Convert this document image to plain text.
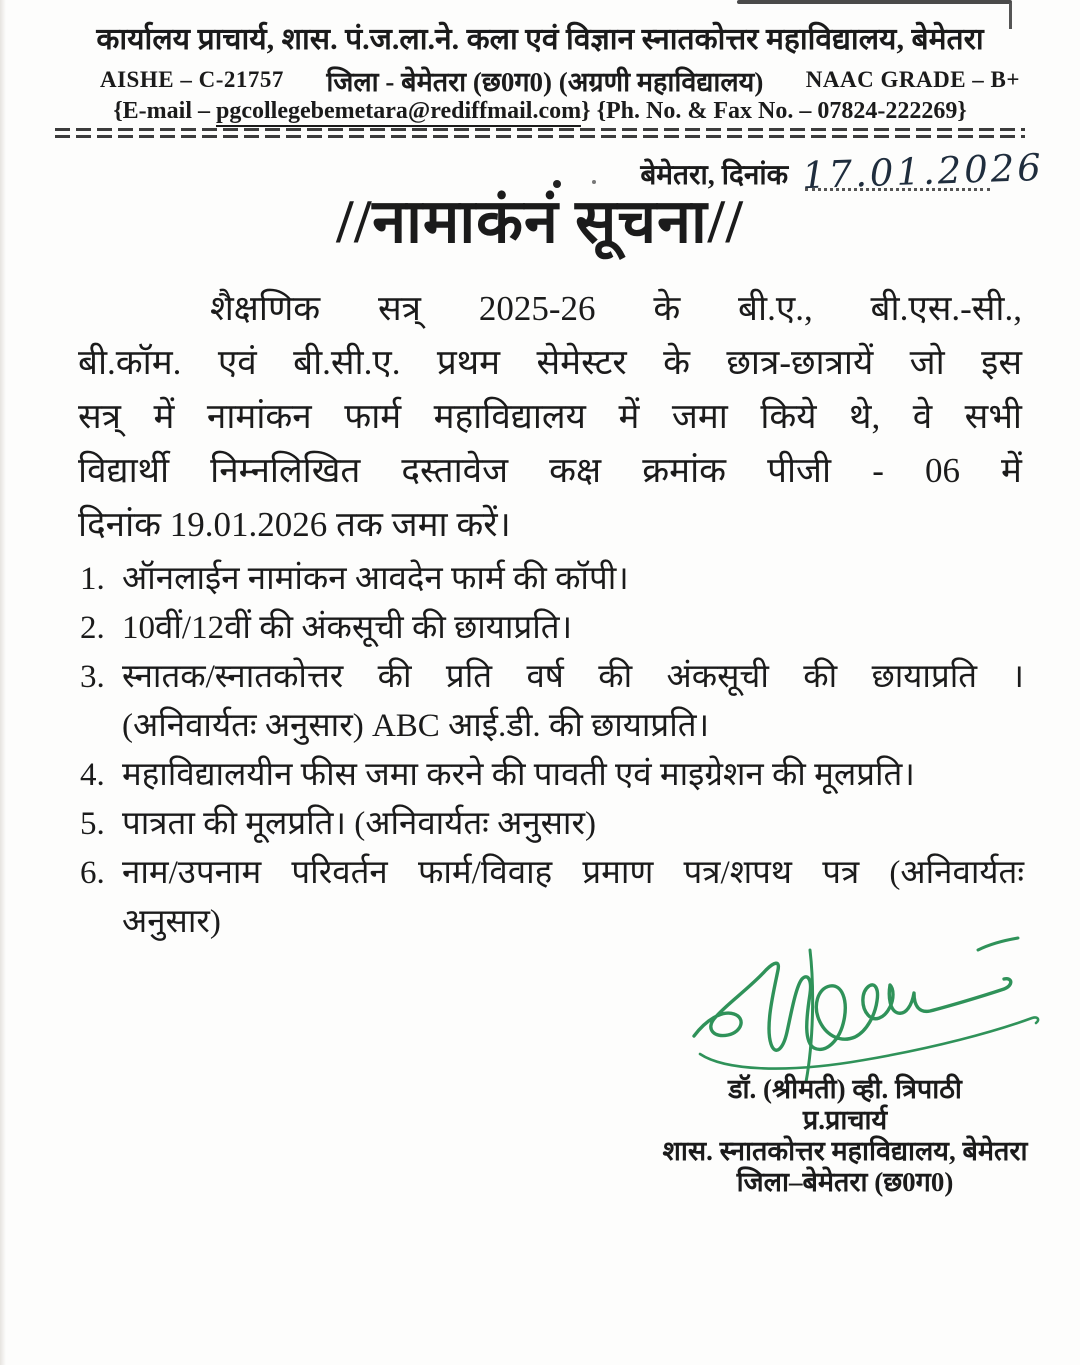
कार्यालय प्राचार्य, शास. पं.ज.ला.ने. कला एवं विज्ञान स्नातकोत्तर महाविद्यालय, बेमेतरा
AISHE – C-21757 जिला - बेमेतरा (छ0ग0) (अग्रणी महाविद्यालय) NAAC GRADE – B+
{E-mail – pgcollegebemetara@rediffmail.com} {Ph. No. & Fax No. – 07824-222269}
बेमेतरा, दिनांक 17.01.2026
//नामाकंनं सूचना//
शैक्षणिक सत्र् 2025-26 के बी.ए., बी.एस.-सी.,
बी.कॉम. एवं बी.सी.ए. प्रथम सेमेस्टर के छात्र-छात्रायें जो इस
सत्र् में नामांकन फार्म महाविद्यालय में जमा किये थे, वे सभी
विद्यार्थी निम्नलिखित दस्तावेज कक्ष क्रमांक पीजी - 06 में
दिनांक 19.01.2026 तक जमा करें।
1. ऑनलाईन नामांकन आवदेन फार्म की कॉपी।
2. 10वीं/12वीं की अंकसूची की छायाप्रति।
3. स्नातक/स्नातकोत्तर की प्रति वर्ष की अंकसूची की छायाप्रति ।
(अनिवार्यतः अनुसार) ABC आई.डी. की छायाप्रति।
4. महाविद्यालयीन फीस जमा करने की पावती एवं माइग्रेशन की मूलप्रति।
5. पात्रता की मूलप्रति। (अनिवार्यतः अनुसार)
6. नाम/उपनाम परिवर्तन फार्म/विवाह प्रमाण पत्र/शपथ पत्र (अनिवार्यतः
अनुसार)

डॉ. (श्रीमती) व्ही. त्रिपाठी

प्र.प्राचार्य

शास. स्नातकोत्तर महाविद्यालय, बेमेतरा

जिला–बेमेतरा (छ0ग0)
